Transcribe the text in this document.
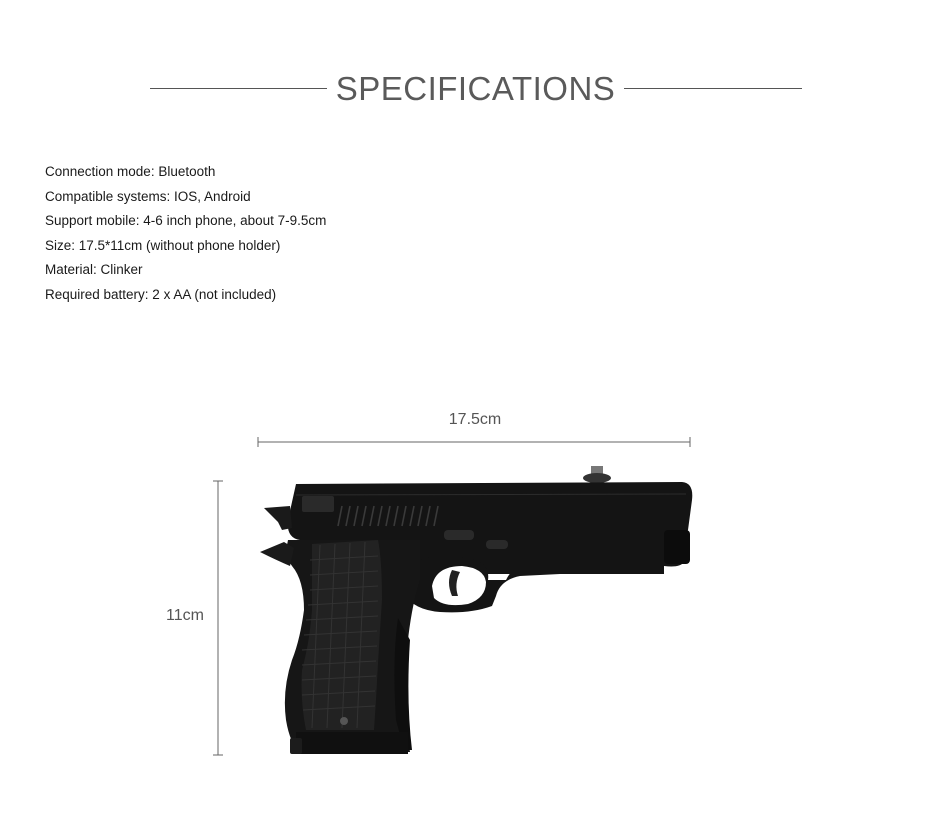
SPECIFICATIONS
Connection mode: Bluetooth
Compatible systems: IOS, Android
Support mobile: 4-6 inch phone, about 7-9.5cm
Size: 17.5*11cm (without phone holder)
Material: Clinker
Required battery: 2 x AA (not included)
17.5cm
11cm
